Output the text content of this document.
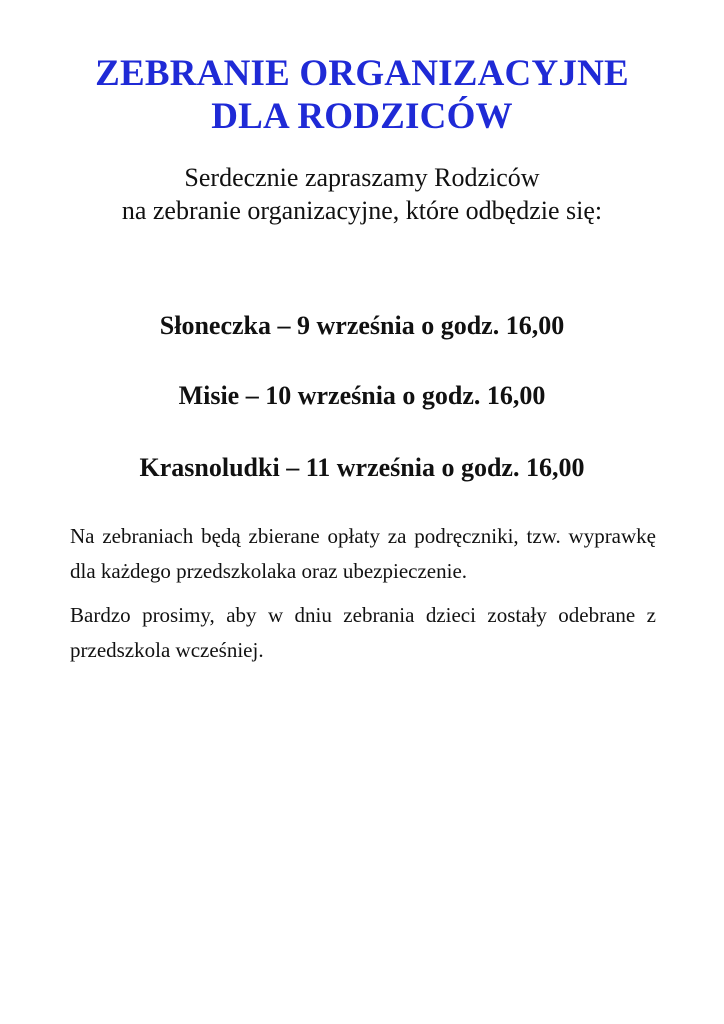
ZEBRANIE ORGANIZACYJNE
DLA RODZICÓW
Serdecznie zapraszamy Rodziców
na zebranie organizacyjne, które odbędzie się:

Słoneczka – 9 września o godz. 16,00

Misie – 10 września o godz. 16,00

Krasnoludki – 11 września o godz. 16,00

Na zebraniach będą zbierane opłaty za podręczniki, tzw. wyprawkę dla każdego przedszkolaka oraz ubezpieczenie.

Bardzo prosimy, aby w dniu zebrania dzieci zostały odebrane z przedszkola wcześniej.
